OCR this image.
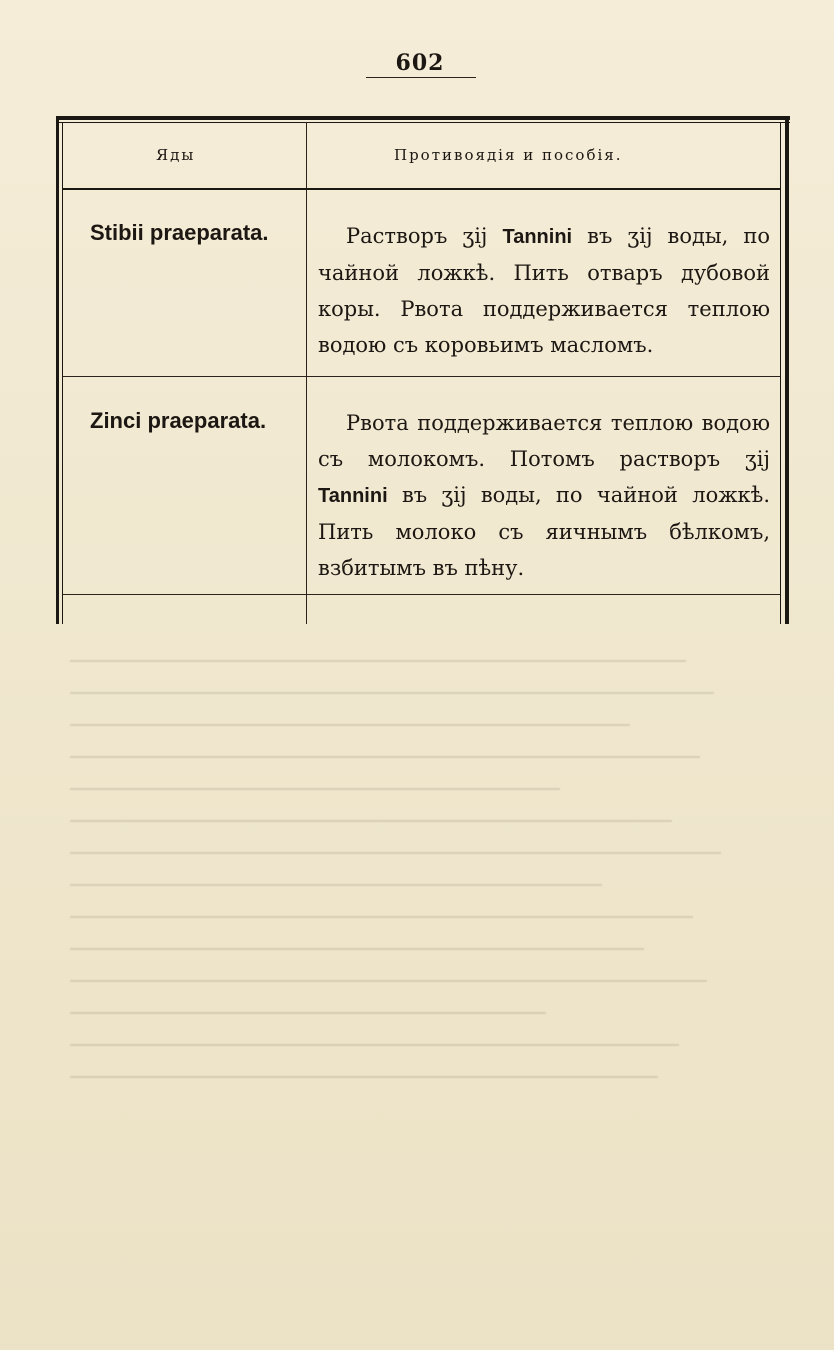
602
Яды	Противоядія и пособія.
Stibii praeparata.	Растворъ ʒij Tannini въ ʒij воды, по чайной ложкѣ. Пить отваръ дубовой коры. Рвота поддерживается теплою водою съ коровьимъ масломъ.
Zinci praeparata.	Рвота поддерживается теплою водою съ молокомъ. Потомъ растворъ ʒij Tannini въ ʒij воды, по чайной ложкѣ. Пить молоко съ яичнымъ бѣлкомъ, взбитымъ въ пѣну.
